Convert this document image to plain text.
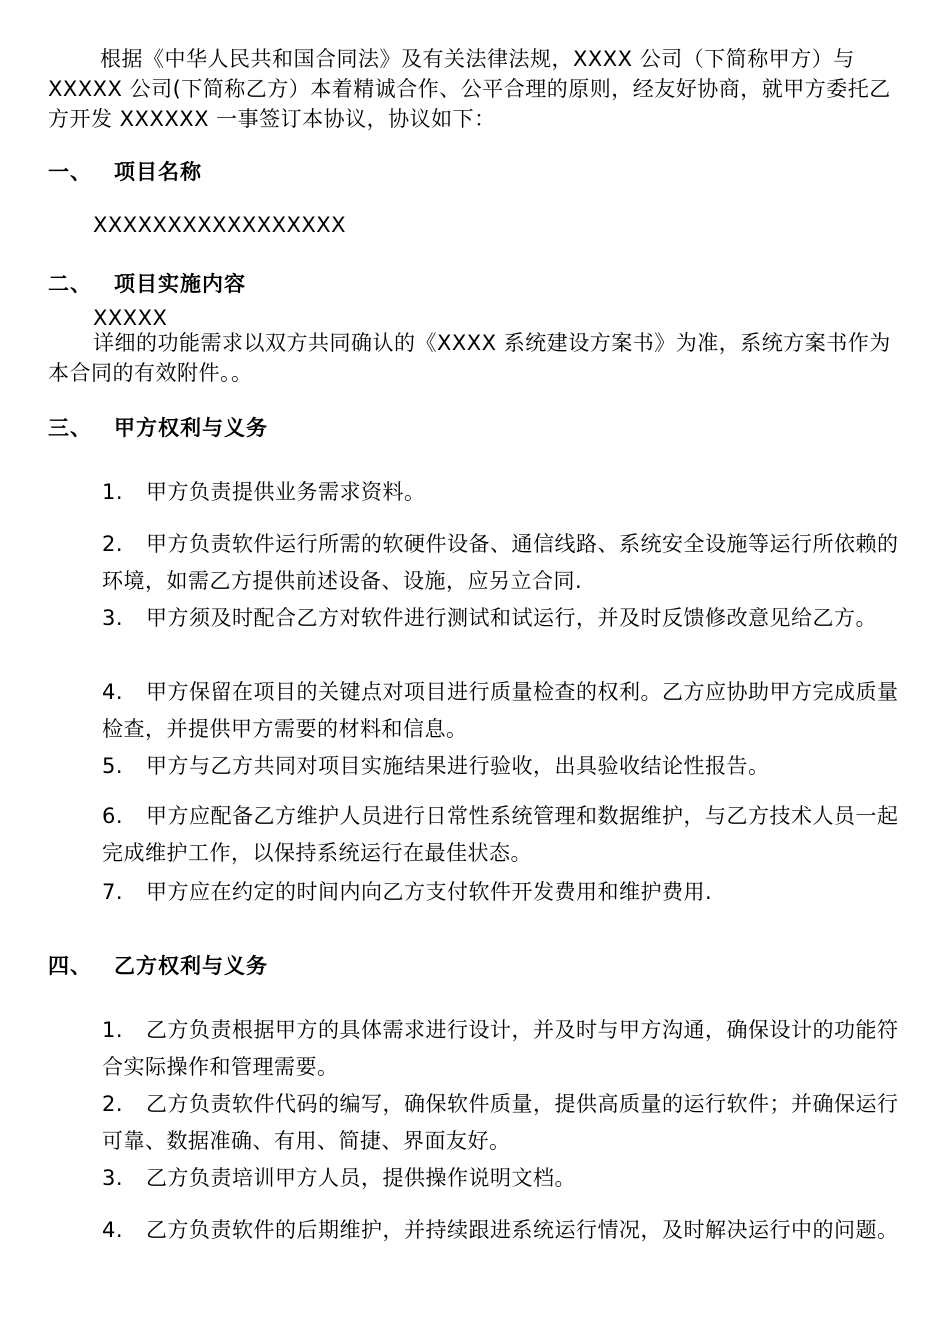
根据《中华人民共和国合同法》及有关法律法规，XXXX 公司（下简称甲方）与 XXXXX 公司(下简称乙方）本着精诚合作、公平合理的原则，经友好协商，就甲方委托乙方开发 XXXXXX 一事签订本协议，协议如下：
一、 项目名称
XXXXXXXXXXXXXXXXX
二、 项目实施内容
XXXXX
详细的功能需求以双方共同确认的《XXXX 系统建设方案书》为准，系统方案书作为本合同的有效附件。。
三、 甲方权利与义务
1. 甲方负责提供业务需求资料。
2. 甲方负责软件运行所需的软硬件设备、通信线路、系统安全设施等运行所依赖的环境，如需乙方提供前述设备、设施，应另立合同.
3. 甲方须及时配合乙方对软件进行测试和试运行，并及时反馈修改意见给乙方。
4. 甲方保留在项目的关键点对项目进行质量检查的权利。乙方应协助甲方完成质量检查，并提供甲方需要的材料和信息。
5. 甲方与乙方共同对项目实施结果进行验收，出具验收结论性报告。
6. 甲方应配备乙方维护人员进行日常性系统管理和数据维护，与乙方技术人员一起完成维护工作，以保持系统运行在最佳状态。
7. 甲方应在约定的时间内向乙方支付软件开发费用和维护费用.
四、 乙方权利与义务
1. 乙方负责根据甲方的具体需求进行设计，并及时与甲方沟通，确保设计的功能符合实际操作和管理需要。
2. 乙方负责软件代码的编写，确保软件质量，提供高质量的运行软件；并确保运行可靠、数据准确、有用、简捷、界面友好。
3. 乙方负责培训甲方人员，提供操作说明文档。
4. 乙方负责软件的后期维护，并持续跟进系统运行情况，及时解决运行中的问题。
